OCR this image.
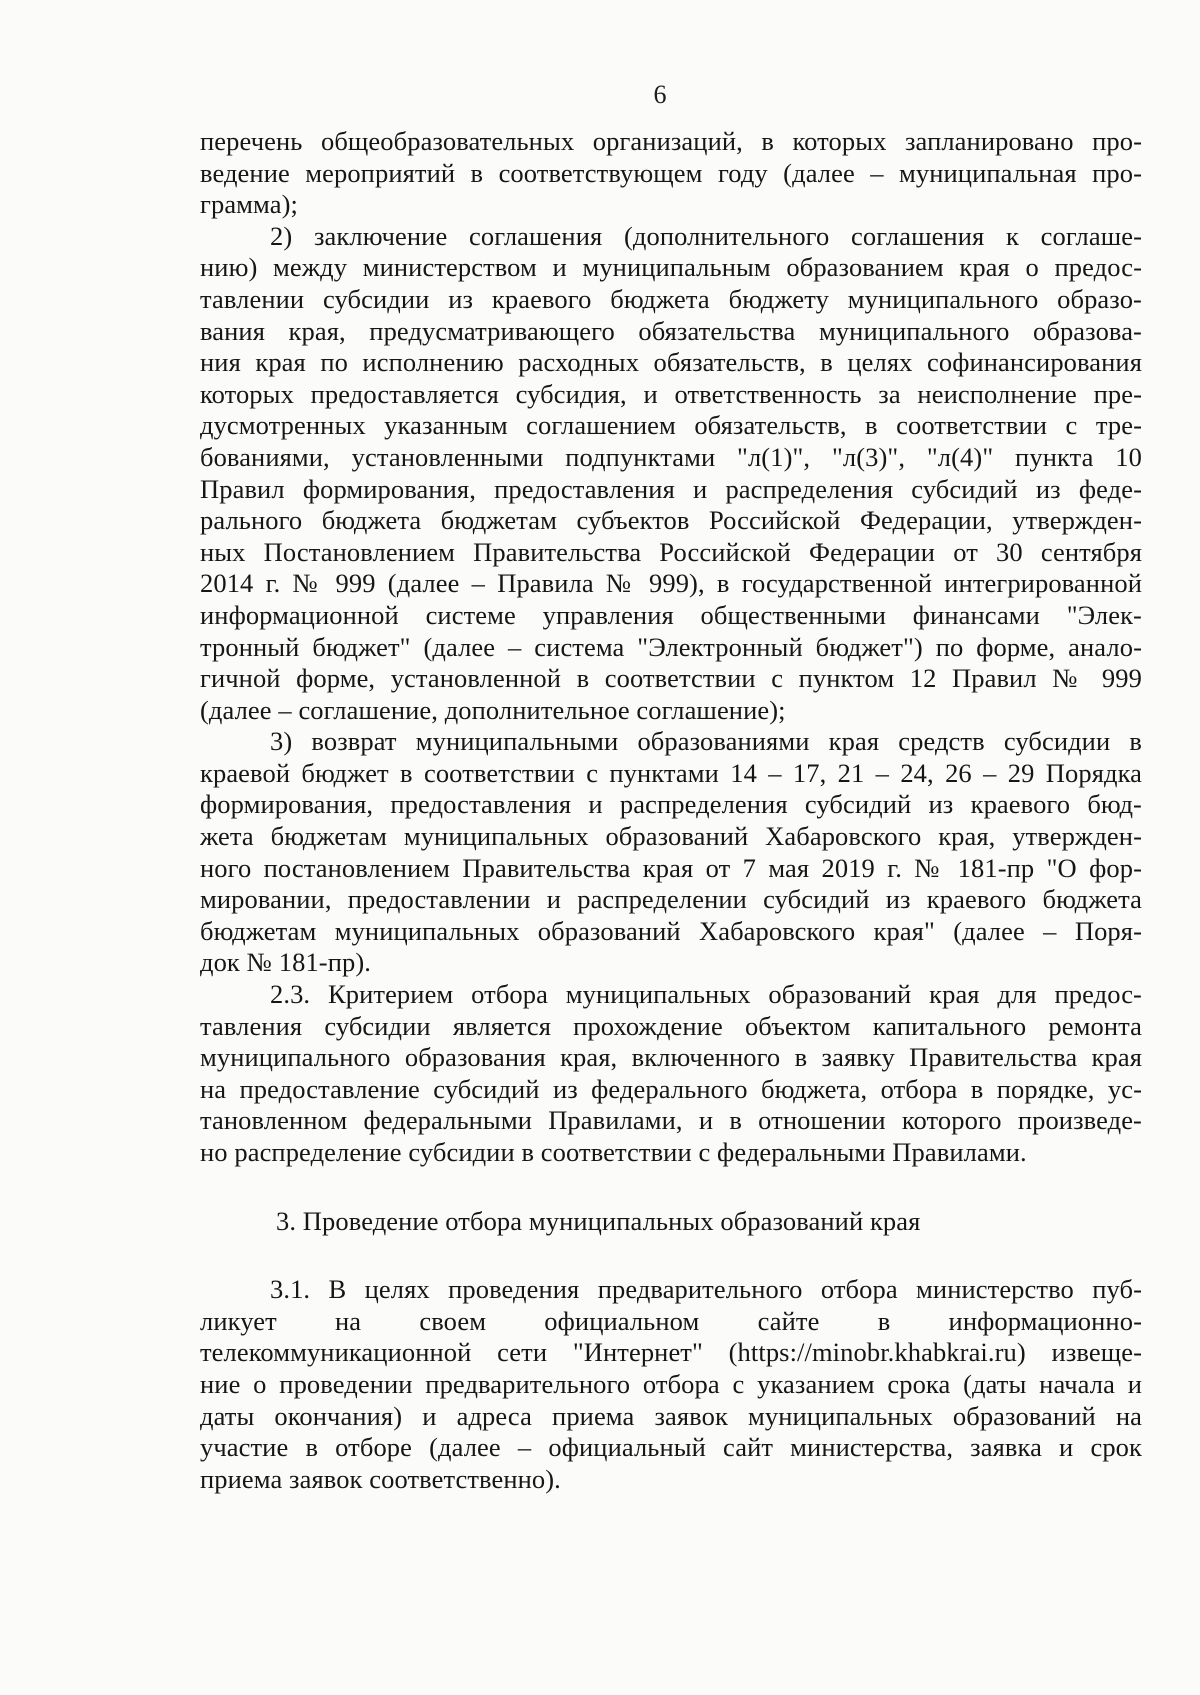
6
перечень общеобразовательных организаций, в которых запланировано про-
ведение мероприятий в соответствующем году (далее – муниципальная про-
грамма);
2) заключение соглашения (дополнительного соглашения к соглаше-
нию) между министерством и муниципальным образованием края о предос-
тавлении субсидии из краевого бюджета бюджету муниципального образо-
вания края, предусматривающего обязательства муниципального образова-
ния края по исполнению расходных обязательств, в целях софинансирования
которых предоставляется субсидия, и ответственность за неисполнение пре-
дусмотренных указанным соглашением обязательств, в соответствии с тре-
бованиями, установленными подпунктами "л(1)", "л(3)", "л(4)" пункта 10
Правил формирования, предоставления и распределения субсидий из феде-
рального бюджета бюджетам субъектов Российской Федерации, утвержден-
ных Постановлением Правительства Российской Федерации от 30 сентября
2014 г. № 999 (далее – Правила № 999), в государственной интегрированной
информационной системе управления общественными финансами "Элек-
тронный бюджет" (далее – система "Электронный бюджет") по форме, анало-
гичной форме, установленной в соответствии с пунктом 12 Правил № 999
(далее – соглашение, дополнительное соглашение);
3) возврат муниципальными образованиями края средств субсидии в
краевой бюджет в соответствии с пунктами 14 – 17, 21 – 24, 26 – 29 Порядка
формирования, предоставления и распределения субсидий из краевого бюд-
жета бюджетам муниципальных образований Хабаровского края, утвержден-
ного постановлением Правительства края от 7 мая 2019 г. № 181-пр "О фор-
мировании, предоставлении и распределении субсидий из краевого бюджета
бюджетам муниципальных образований Хабаровского края" (далее – Поря-
док № 181-пр).
2.3. Критерием отбора муниципальных образований края для предос-
тавления субсидии является прохождение объектом капитального ремонта
муниципального образования края, включенного в заявку Правительства края
на предоставление субсидий из федерального бюджета, отбора в порядке, ус-
тановленном федеральными Правилами, и в отношении которого произведе-
но распределение субсидии в соответствии с федеральными Правилами.
3. Проведение отбора муниципальных образований края
3.1. В целях проведения предварительного отбора министерство пуб-
ликует на своем официальном сайте в информационно-
телекоммуникационной сети "Интернет" (https://minobr.khabkrai.ru) извеще-
ние о проведении предварительного отбора с указанием срока (даты начала и
даты окончания) и адреса приема заявок муниципальных образований на
участие в отборе (далее – официальный сайт министерства, заявка и срок
приема заявок соответственно).
